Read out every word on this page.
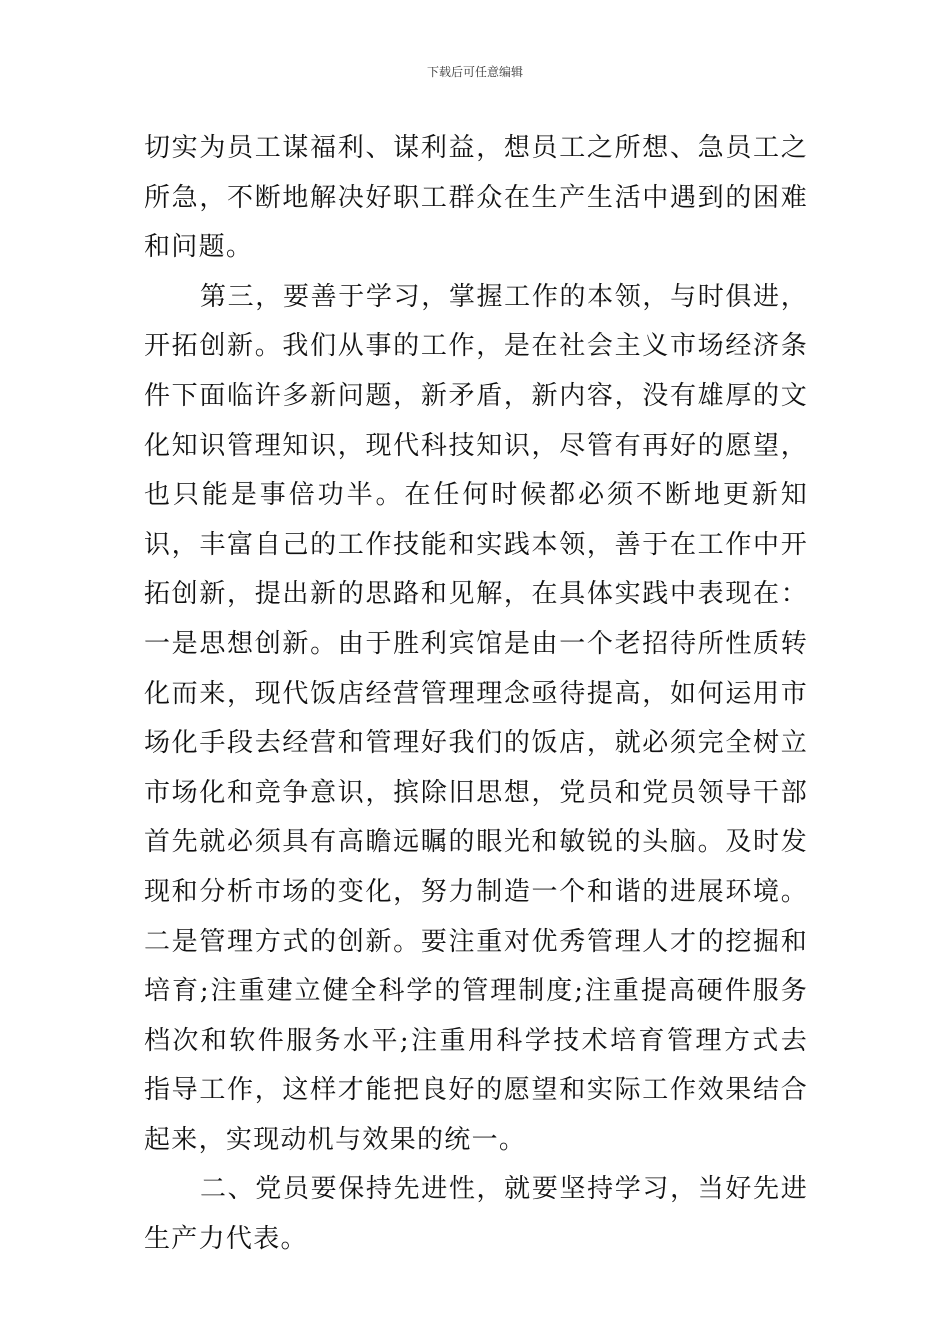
下载后可任意编辑

切实为员工谋福利、谋利益，想员工之所想、急员工之所急，不断地解决好职工群众在生产生活中遇到的困难和问题。

第三，要善于学习，掌握工作的本领，与时俱进，开拓创新。我们从事的工作，是在社会主义市场经济条件下面临许多新问题，新矛盾，新内容，没有雄厚的文化知识管理知识，现代科技知识，尽管有再好的愿望，也只能是事倍功半。在任何时候都必须不断地更新知识，丰富自己的工作技能和实践本领，善于在工作中开拓创新，提出新的思路和见解，在具体实践中表现在：一是思想创新。由于胜利宾馆是由一个老招待所性质转化而来，现代饭店经营管理理念亟待提高，如何运用市场化手段去经营和管理好我们的饭店，就必须完全树立市场化和竞争意识，摈除旧思想，党员和党员领导干部首先就必须具有高瞻远瞩的眼光和敏锐的头脑。及时发现和分析市场的变化，努力制造一个和谐的进展环境。二是管理方式的创新。要注重对优秀管理人才的挖掘和培育;注重建立健全科学的管理制度;注重提高硬件服务档次和软件服务水平;注重用科学技术培育管理方式去指导工作，这样才能把良好的愿望和实际工作效果结合起来，实现动机与效果的统一。

二、党员要保持先进性，就要坚持学习，当好先进生产力代表。
